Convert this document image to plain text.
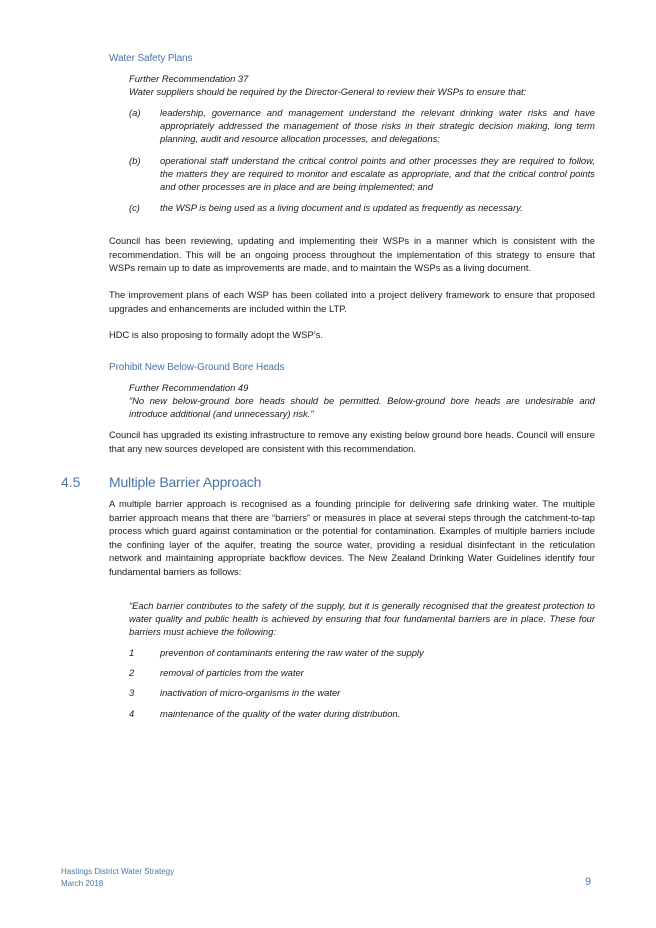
Water Safety Plans
Further Recommendation 37
Water suppliers should be required by the Director-General to review their WSPs to ensure that:
(a)	leadership, governance and management understand the relevant drinking water risks and have appropriately addressed the management of those risks in their strategic decision making, long term planning, audit and resource allocation processes, and delegations;
(b)	operational staff understand the critical control points and other processes they are required to follow, the matters they are required to monitor and escalate as appropriate, and that the critical control points and other processes are in place and are being implemented; and
(c)	the WSP is being used as a living document and is updated as frequently as necessary.
Council has been reviewing, updating and implementing their WSPs in a manner which is consistent with the recommendation. This will be an ongoing process throughout the implementation of this strategy to ensure that WSPs remain up to date as improvements are made, and to maintain the WSPs as a living document.
The improvement plans of each WSP has been collated into a project delivery framework to ensure that proposed upgrades and enhancements are included within the LTP.
HDC is also proposing to formally adopt the WSP’s.
Prohibit New Below-Ground Bore Heads
Further Recommendation 49
“No new below-ground bore heads should be permitted. Below-ground bore heads are undesirable and introduce additional (and unnecessary) risk.”
Council has upgraded its existing infrastructure to remove any existing below ground bore heads. Council will ensure that any new sources developed are consistent with this recommendation.
4.5 Multiple Barrier Approach
A multiple barrier approach is recognised as a founding principle for delivering safe drinking water. The multiple barrier approach means that there are “barriers” or measures in place at several steps through the catchment-to-tap process which guard against contamination or the potential for contamination. Examples of multiple barriers include the confining layer of the aquifer, treating the source water, providing a residual disinfectant in the reticulation network and maintaining appropriate backflow devices. The New Zealand Drinking Water Guidelines identify four fundamental barriers as follows:
“Each barrier contributes to the safety of the supply, but it is generally recognised that the greatest protection to water quality and public health is achieved by ensuring that four fundamental barriers are in place. These four barriers must achieve the following:
1	prevention of contaminants entering the raw water of the supply
2	removal of particles from the water
3	inactivation of micro-organisms in the water
4	maintenance of the quality of the water during distribution.
Hastings District Water Strategy
March 2018	9
